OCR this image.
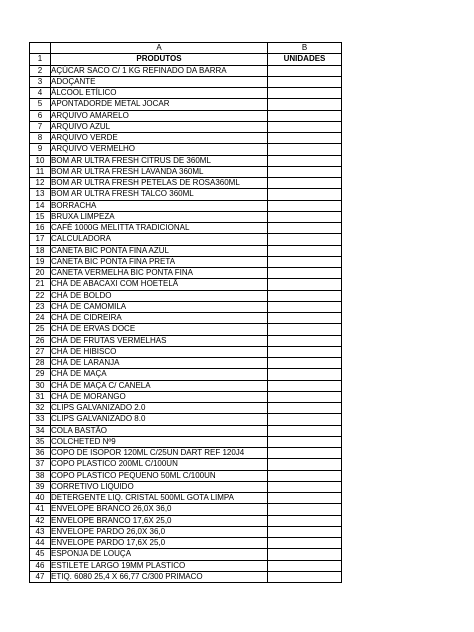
	A	B
1	PRODUTOS	UNIDADES
2	AÇÚCAR SACO C/ 1 KG REFINADO DA BARRA	
3	ADOÇANTE	
4	ÁLCOOL ETÍLICO	
5	APONTADORDE METAL JOCAR	
6	ARQUIVO AMARELO	
7	ARQUIVO AZUL	
8	ARQUIVO VERDE	
9	ARQUIVO VERMELHO	
10	BOM AR ULTRA FRESH CITRUS DE 360ML	
11	BOM AR ULTRA FRESH LAVANDA 360ML	
12	BOM AR ULTRA FRESH PETELAS DE ROSA360ML	
13	BOM AR ULTRA FRESH TALCO 360ML	
14	BORRACHA	
15	BRUXA LIMPEZA	
16	CAFÉ 1000G MELITTA TRADICIONAL	
17	CALCULADORA	
18	CANETA BIC PONTA FINA AZUL	
19	CANETA BIC PONTA FINA PRETA	
20	CANETA VERMELHA BIC PONTA FINA	
21	CHÁ DE ABACAXI COM HOETELÃ	
22	CHÁ DE BOLDO	
23	CHÁ DE CAMOMILA	
24	CHÁ DE CIDREIRA	
25	CHÁ DE ERVAS DOCE	
26	CHÁ DE FRUTAS VERMELHAS	
27	CHÁ DE HIBISCO	
28	CHÁ DE LARANJA	
29	CHÁ DE MAÇA	
30	CHÁ DE MAÇA C/ CANELA	
31	CHÁ DE MORANGO	
32	CLIPS GALVANIZADO 2.0	
33	CLIPS GALVANIZADO 8.0	
34	COLA BASTÃO	
35	COLCHETED Nº9	
36	COPO DE ISOPOR 120ML C/25UN DART REF 120J4	
37	COPO PLASTICO 200ML C/100UN	
38	COPO PLASTICO PEQUENO 50ML C/100UN	
39	CORRETIVO LIQUIDO	
40	DETERGENTE LIQ. CRISTAL 500ML GOTA LIMPA	
41	ENVELOPE BRANCO 26,0X 36,0	
42	ENVELOPE BRANCO 17,6X 25,0	
43	ENVELOPE PARDO 26,0X 36,0	
44	ENVELOPE PARDO 17,6X 25,0	
45	ESPONJA DE LOUÇA	
46	ESTILETE LARGO 19MM PLASTICO	
47	ETIQ. 6080 25,4 X 66,77 C/300 PRIMACO	
